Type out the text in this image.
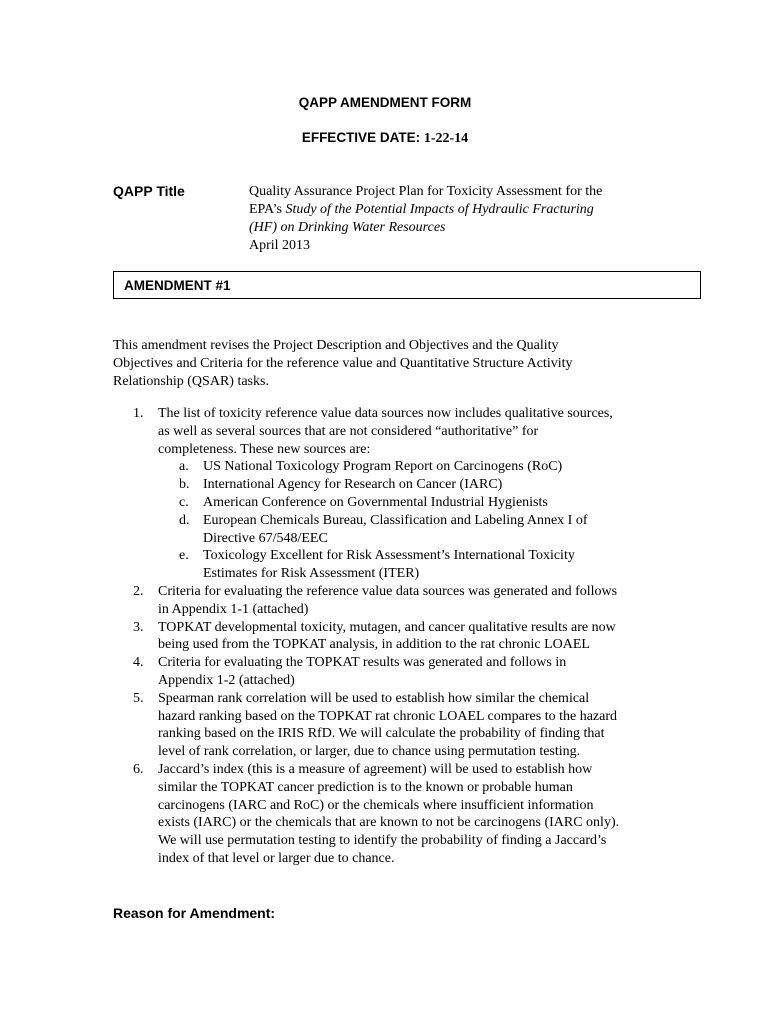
QAPP AMENDMENT FORM
EFFECTIVE DATE: 1-22-14
QAPP Title	Quality Assurance Project Plan for Toxicity Assessment for the
EPA’s Study of the Potential Impacts of Hydraulic Fracturing
(HF) on Drinking Water Resources
April 2013
AMENDMENT #1
This amendment revises the Project Description and Objectives and the Quality
Objectives and Criteria for the reference value and Quantitative Structure Activity
Relationship (QSAR) tasks.
1. The list of toxicity reference value data sources now includes qualitative sources,
as well as several sources that are not considered “authoritative” for
completeness. These new sources are:
a. US National Toxicology Program Report on Carcinogens (RoC)
b. International Agency for Research on Cancer (IARC)
c. American Conference on Governmental Industrial Hygienists
d. European Chemicals Bureau, Classification and Labeling Annex I of
Directive 67/548/EEC
e. Toxicology Excellent for Risk Assessment’s International Toxicity
Estimates for Risk Assessment (ITER)
2. Criteria for evaluating the reference value data sources was generated and follows
in Appendix 1-1 (attached)
3. TOPKAT developmental toxicity, mutagen, and cancer qualitative results are now
being used from the TOPKAT analysis, in addition to the rat chronic LOAEL
4. Criteria for evaluating the TOPKAT results was generated and follows in
Appendix 1-2 (attached)
5. Spearman rank correlation will be used to establish how similar the chemical
hazard ranking based on the TOPKAT rat chronic LOAEL compares to the hazard
ranking based on the IRIS RfD. We will calculate the probability of finding that
level of rank correlation, or larger, due to chance using permutation testing.
6. Jaccard’s index (this is a measure of agreement) will be used to establish how
similar the TOPKAT cancer prediction is to the known or probable human
carcinogens (IARC and RoC) or the chemicals where insufficient information
exists (IARC) or the chemicals that are known to not be carcinogens (IARC only).
We will use permutation testing to identify the probability of finding a Jaccard’s
index of that level or larger due to chance.
Reason for Amendment:
